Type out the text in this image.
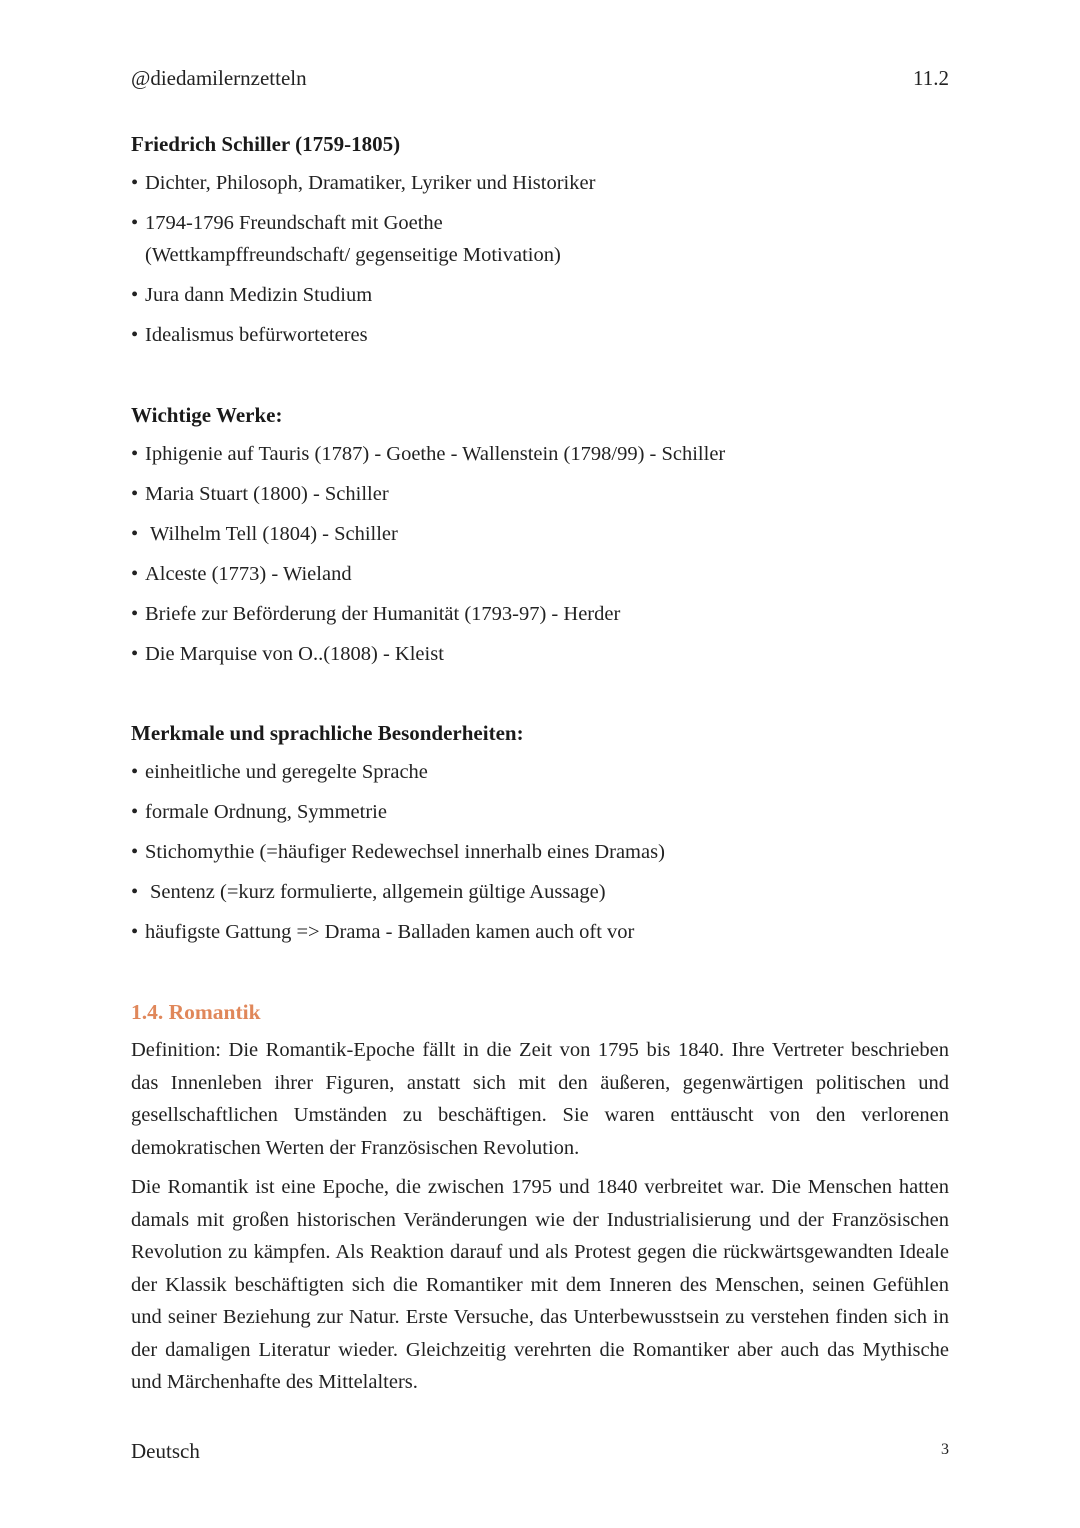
@diedamilernzetteln	11.2
Friedrich Schiller (1759-1805)
• Dichter, Philosoph, Dramatiker, Lyriker und Historiker
• 1794-1796 Freundschaft mit Goethe
(Wettkampffreundschaft/ gegenseitige Motivation)
• Jura dann Medizin Studium
• Idealismus befürworteteres
Wichtige Werke:
• Iphigenie auf Tauris (1787) - Goethe - Wallenstein (1798/99) - Schiller
• Maria Stuart (1800) - Schiller
• Wilhelm Tell (1804) - Schiller
• Alceste (1773) - Wieland
• Briefe zur Beförderung der Humanität (1793-97) - Herder
• Die Marquise von O..(1808) - Kleist
Merkmale und sprachliche Besonderheiten:
• einheitliche und geregelte Sprache
• formale Ordnung, Symmetrie
• Stichomythie (=häufiger Redewechsel innerhalb eines Dramas)
• Sentenz (=kurz formulierte, allgemein gültige Aussage)
• häufigste Gattung => Drama - Balladen kamen auch oft vor
1.4. Romantik
Definition: Die Romantik-Epoche fällt in die Zeit von 1795 bis 1840. Ihre Vertreter beschrieben das Innenleben ihrer Figuren, anstatt sich mit den äußeren, gegenwärtigen politischen und gesellschaftlichen Umständen zu beschäftigen. Sie waren enttäuscht von den verlorenen demokratischen Werten der Französischen Revolution.
Die Romantik ist eine Epoche, die zwischen 1795 und 1840 verbreitet war. Die Menschen hatten damals mit großen historischen Veränderungen wie der Industrialisierung und der Französischen Revolution zu kämpfen. Als Reaktion darauf und als Protest gegen die rückwärtsgewandten Ideale der Klassik beschäftigten sich die Romantiker mit dem Inneren des Menschen, seinen Gefühlen und seiner Beziehung zur Natur. Erste Versuche, das Unterbewusstsein zu verstehen finden sich in der damaligen Literatur wieder. Gleichzeitig verehrten die Romantiker aber auch das Mythische und Märchenhafte des Mittelalters.
Deutsch	3
